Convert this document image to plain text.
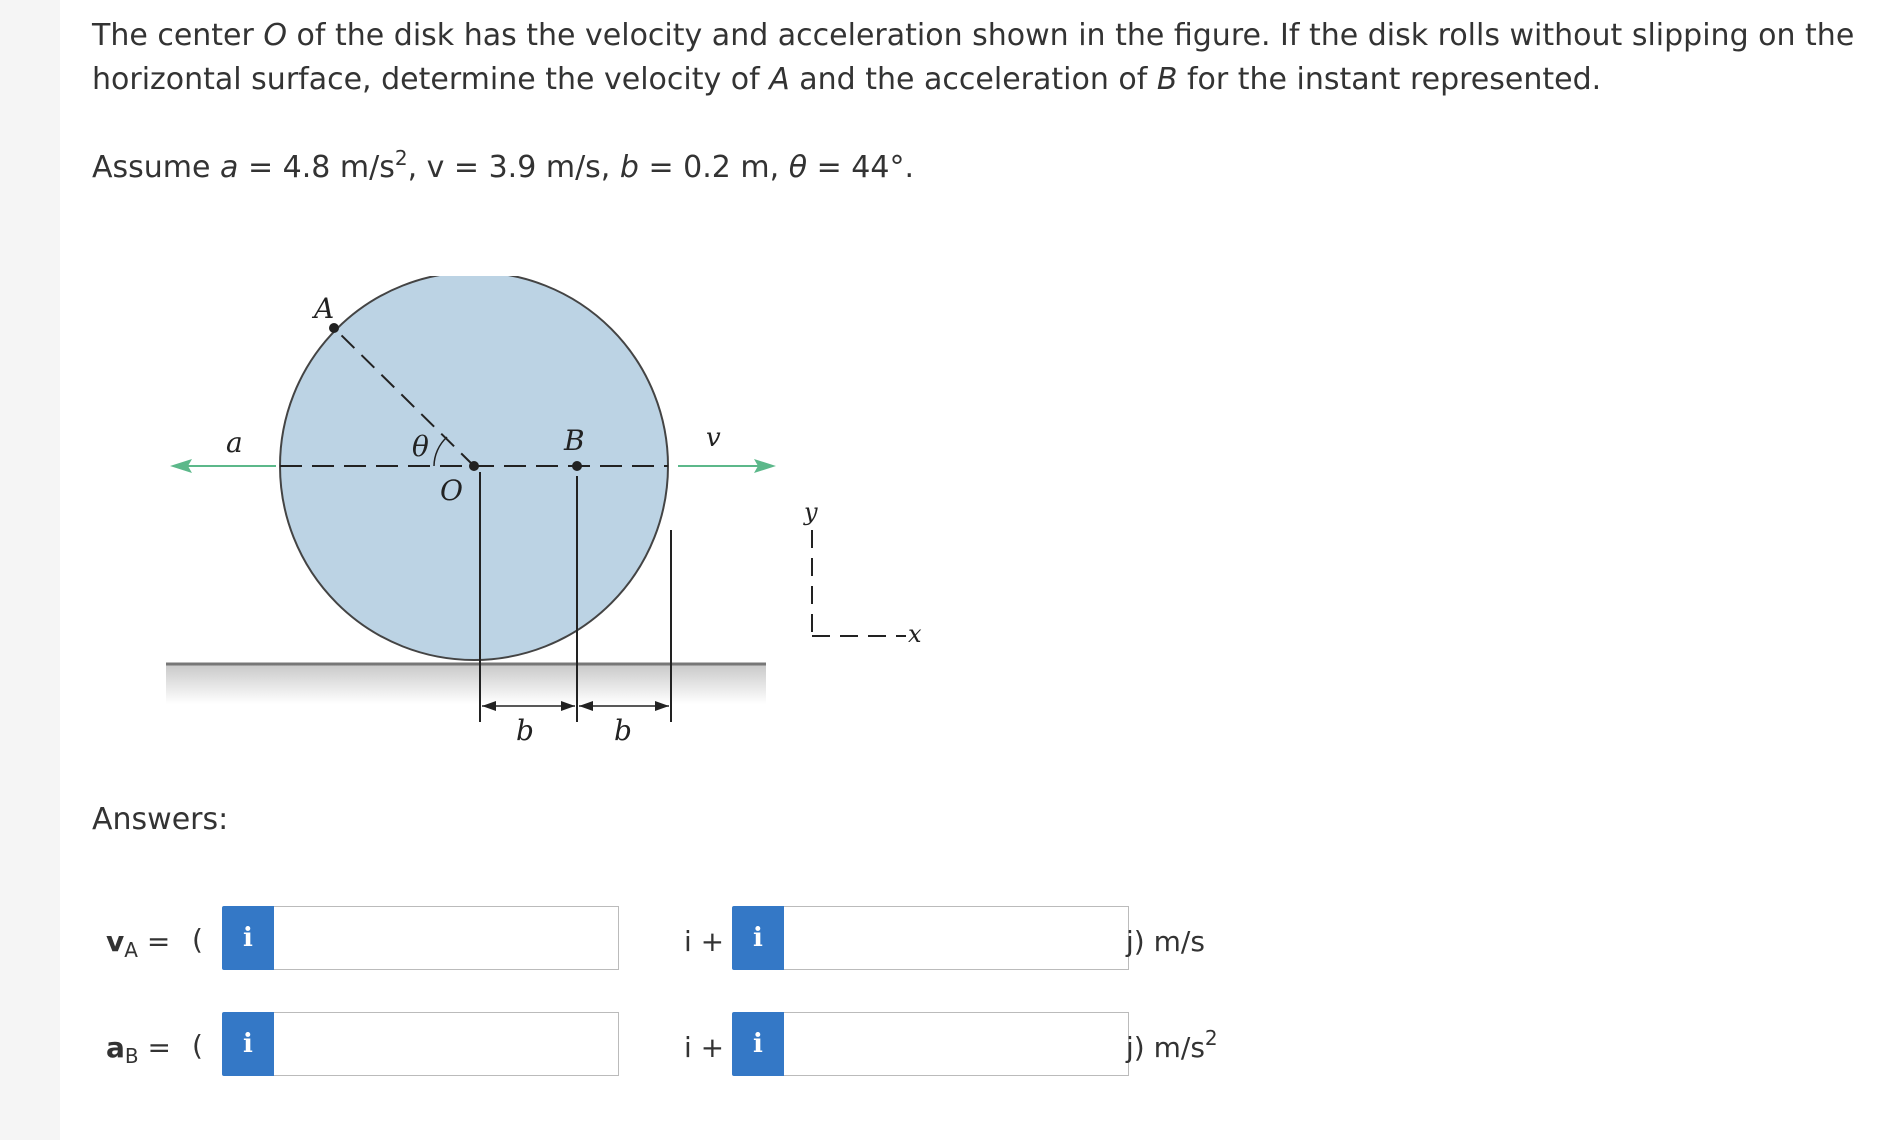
The center O of the disk has the velocity and acceleration shown in the figure. If the disk rolls without slipping on the horizontal surface, determine the velocity of A and the acceleration of B for the instant represented.
Assume a = 4.8 $m/s^2$, v = 3.9 m/s, b = 0.2 m, θ = 44°.
A
a	θ
O
B	v
y
x
b	b
Answers:
$v_A$ = (	i	i +	i	j) m/s
$a_B$ = (	i	i +	i	j) $m/s^2$
